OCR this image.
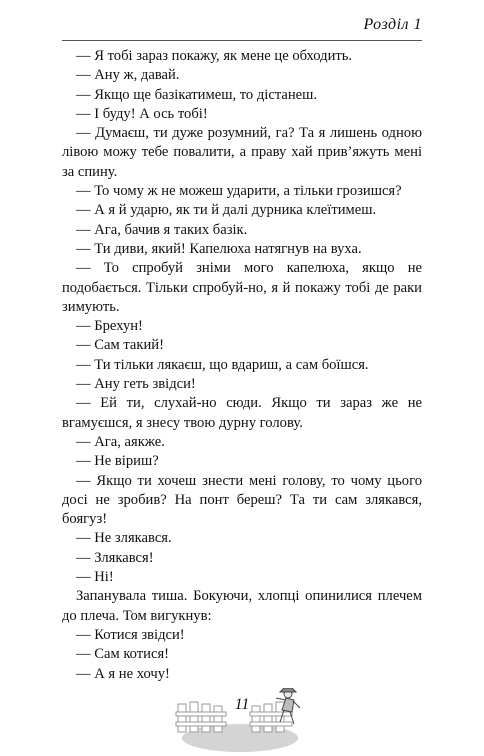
Розділ 1

— Я тобі зараз покажу, як мене це обходить.

— Ану ж, давай.

— Якщо ще базікатимеш, то дістанеш.

— І буду! А ось тобі!

— Думаєш, ти дуже розумний, га? Та я лишень одною лівою можу тебе повалити, а праву хай прив’яжуть мені за спину.

— То чому ж не можеш ударити, а тільки грозишся?

— А я й ударю, як ти й далі дурника клеїтимеш.

— Ага, бачив я таких базік.

— Ти диви, який! Капелюха натягнув на вуха.

— То спробуй зніми мого капелюха, якщо не подобається. Тільки спробуй-но, я й покажу тобі де раки зимують.

— Брехун!

— Сам такий!

— Ти тільки лякаєш, що вдариш, а сам боїшся.

— Ану геть звідси!

— Ей ти, слухай-но сюди. Якщо ти зараз же не вгамуєшся, я знесу твою дурну голову.

— Ага, аякже.

— Не віриш?

— Якщо ти хочеш знести мені голову, то чому цього досі не зробив? На понт береш? Та ти сам злякався, боягуз!

— Не злякався.

— Злякався!

— Ні!

Запанувала тиша. Бокуючи, хлопці опинилися плечем до плеча. Том вигукнув:

— Котися звідси!

— Сам котися!

— А я не хочу!

11
